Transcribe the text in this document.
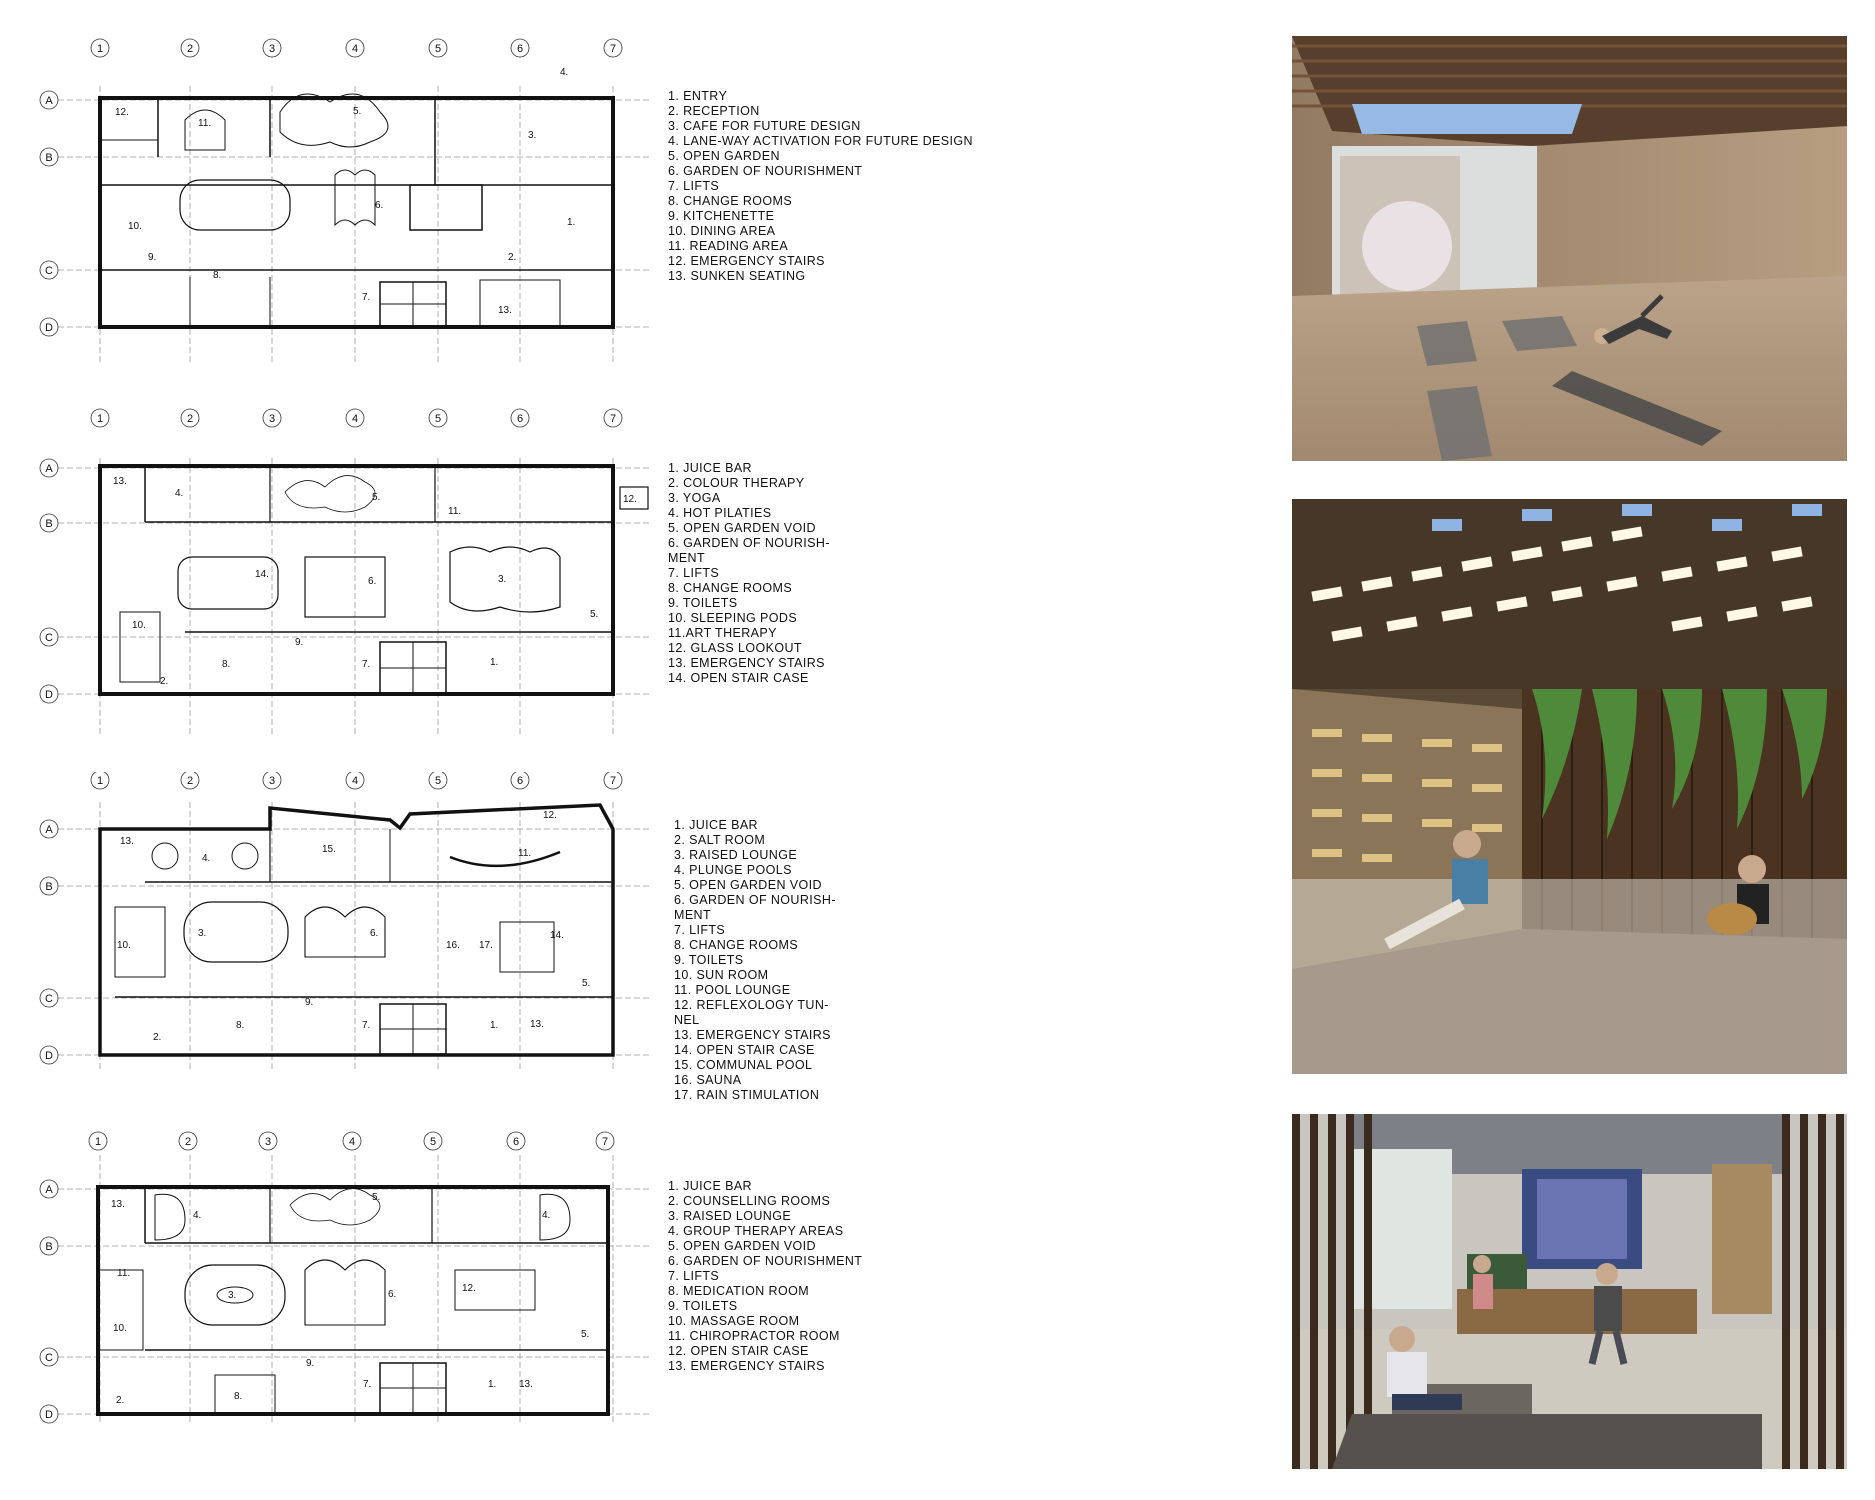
1	2	3	4	5	6	7
A
B
C
D
1.
2.
3.
4.
5.
6.
7.
8.
9.
10.
11.
12.
13.
1. ENTRY
2. RECEPTION
3. CAFE FOR FUTURE DESIGN
4. LANE-WAY ACTIVATION FOR FUTURE DESIGN
5. OPEN GARDEN
6. GARDEN OF NOURISHMENT
7. LIFTS
8. CHANGE ROOMS
9. KITCHENETTE
10. DINING AREA
11. READING AREA
12. EMERGENCY STAIRS
13. SUNKEN SEATING
1	2	3	4	5	6	7
A
B
C
D
1.
2.
3.
4.	5.
5.
6.
7.
8.
9.
10.
11.
12.
13.
14.
1. JUICE BAR
2. COLOUR THERAPY
3. YOGA
4. HOT PILATIES
5. OPEN GARDEN VOID
6. GARDEN OF NOURISH-
MENT
7. LIFTS
8. CHANGE ROOMS
9. TOILETS
10. SLEEPING PODS
11.ART THERAPY
12. GLASS LOOKOUT
13. EMERGENCY STAIRS
14. OPEN STAIR CASE
1	2	3	4	5	6	7
A
B
C
D
1.
2.
3.
4.
5.
6.
7.
8.
9.
10.
11.
12.
13.
13.
14.
15.
16. 17.
1. JUICE BAR
2. SALT ROOM
3. RAISED LOUNGE
4. PLUNGE POOLS
5. OPEN GARDEN VOID
6. GARDEN OF NOURISH-
MENT
7. LIFTS
8. CHANGE ROOMS
9. TOILETS
10. SUN ROOM
11. POOL LOUNGE
12. REFLEXOLOGY TUN-
NEL
13. EMERGENCY STAIRS
14. OPEN STAIR CASE
15. COMMUNAL POOL
16. SAUNA
17. RAIN STIMULATION
1	2	3	4	5	6	7
A
B
C
D
1.
2.
3.
4.	4.
5.
5.
6.
7.
8.
9.
10.
11.
12.
13.
13.
1. JUICE BAR
2. COUNSELLING ROOMS
3. RAISED LOUNGE
4. GROUP THERAPY AREAS
5. OPEN GARDEN VOID
6. GARDEN OF NOURISHMENT
7. LIFTS
8. MEDICATION ROOM
9. TOILETS
10. MASSAGE ROOM
11. CHIROPRACTOR ROOM
12. OPEN STAIR CASE
13. EMERGENCY STAIRS
